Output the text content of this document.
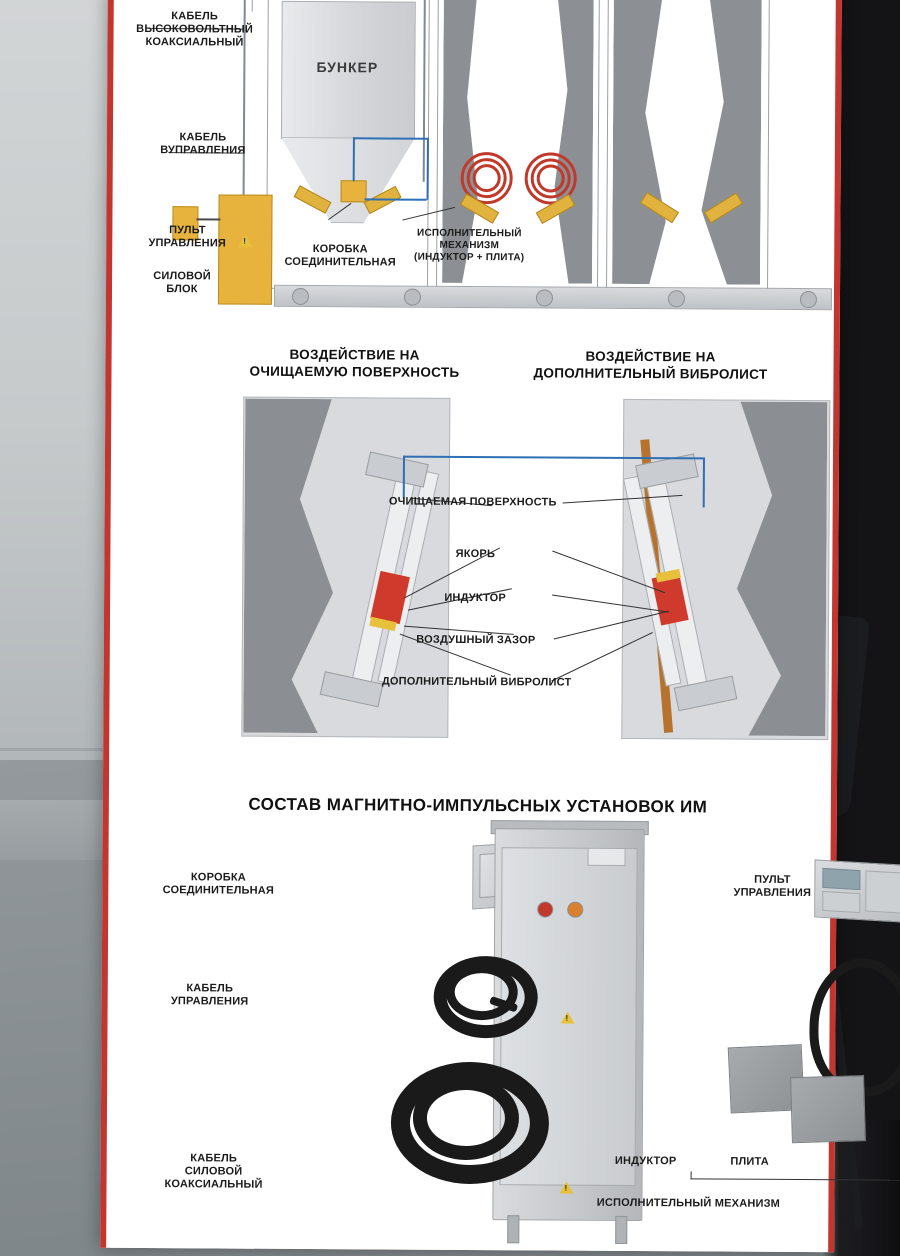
БУНКЕР
!
КАБЕЛЬ
ВЫСОКОВОЛЬТНЫЙ
КОАКСИАЛЬНЫЙ
КАБЕЛЬ
ВУПРАВЛЕНИЯ
ПУЛЬТ
УПРАВЛЕНИЯ
СИЛОВОЙ
БЛОК
КОРОБКА
СОЕДИНИТЕЛЬНАЯ
ИСПОЛНИТЕЛЬНЫЙ
МЕХАНИЗМ
(ИНДУКТОР + ПЛИТА)
ВОЗДЕЙСТВИЕ НА
ОЧИЩАЕМУЮ ПОВЕРХНОСТЬ
ВОЗДЕЙСТВИЕ НА
ДОПОЛНИТЕЛЬНЫЙ ВИБРОЛИСТ
ОЧИЩАЕМАЯ ПОВЕРХНОСТЬ
ЯКОРЬ
ИНДУКТОР
ВОЗДУШНЫЙ ЗАЗОР
ДОПОЛНИТЕЛЬНЫЙ ВИБРОЛИСТ
СОСТАВ МАГНИТНО-ИМПУЛЬСНЫХ УСТАНОВОК ИМ
!
!
!
КОРОБКА
СОЕДИНИТЕЛЬНАЯ
КАБЕЛЬ
УПРАВЛЕНИЯ
КАБЕЛЬ
СИЛОВОЙ
КОАКСИАЛЬНЫЙ
ПУЛЬТ
УПРАВЛЕНИЯ
ИНДУКТОР	ПЛИТА
ИСПОЛНИТЕЛЬНЫЙ МЕХАНИЗМ
